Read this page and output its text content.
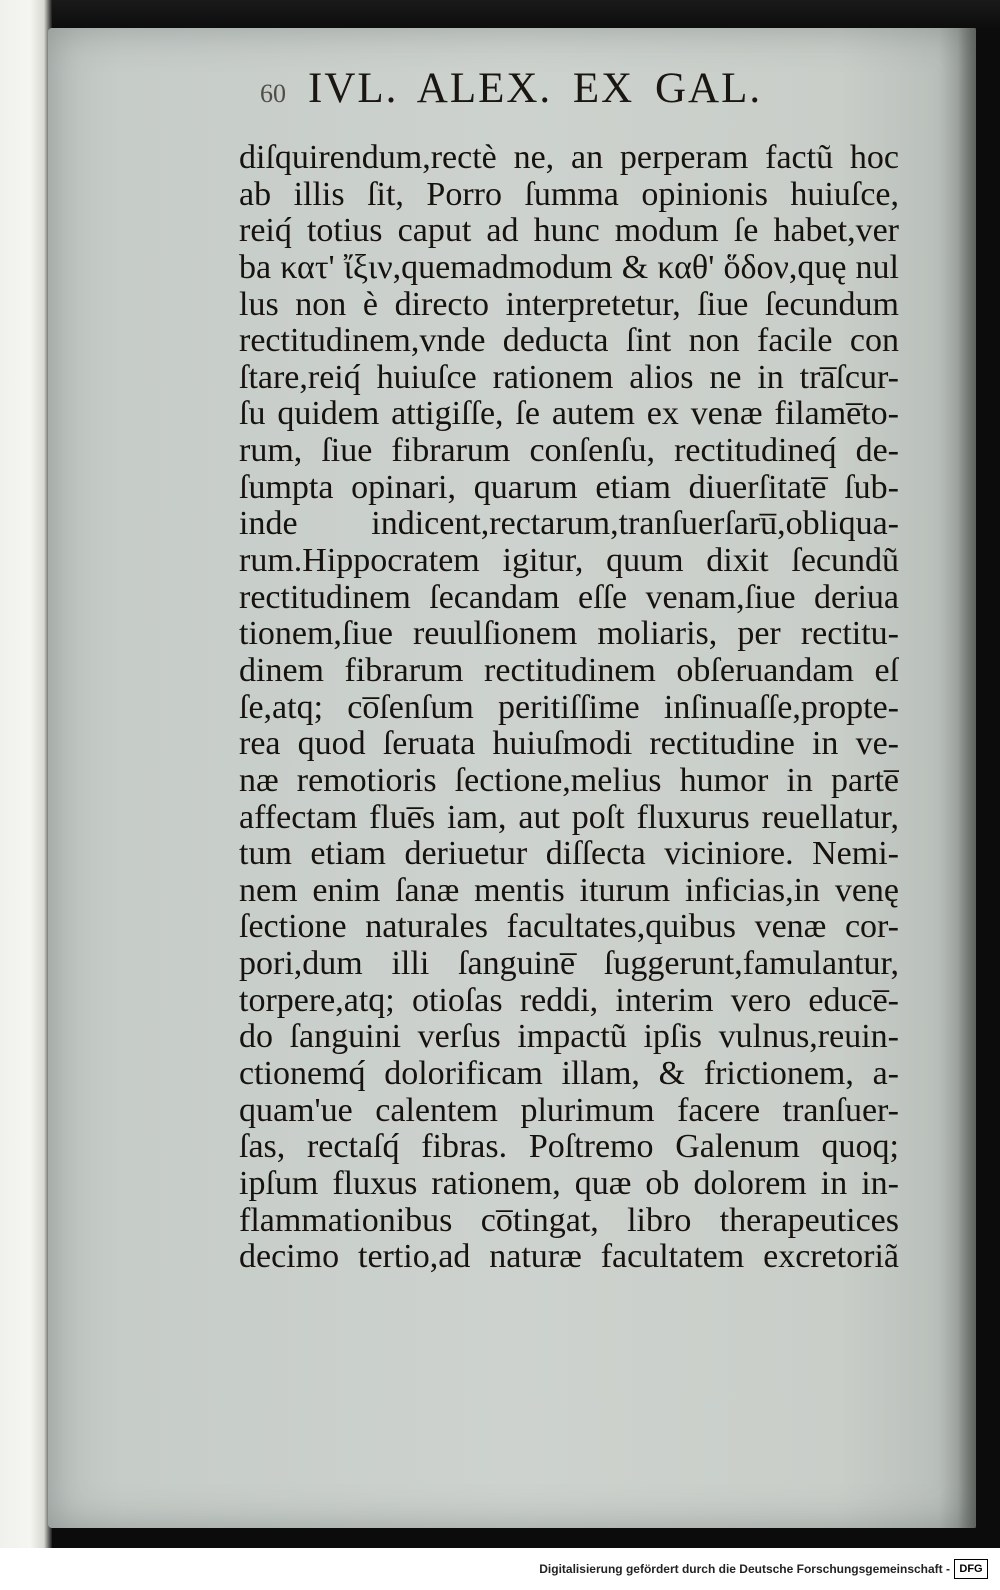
60 IVL. ALEX. EX GAL.
diſquirendum,rectè ne, an perperam factũ hoc
ab illis ſit, Porro ſumma opinionis huiuſce,
reiq́ totius caput ad hunc modum ſe habet,ver
ba κατ' ἴξιν,quemadmodum & καθ' ὅδον,quę nul
lus non è directo interpretetur, ſiue ſecundum
rectitudinem,vnde deducta ſint non facile con
ſtare,reiq́ huiuſce rationem alios ne in tra̅ſcur-
ſu quidem attigiſſe, ſe autem ex venæ filame̅to-
rum, ſiue fibrarum conſenſu, rectitudineq́ de-
ſumpta opinari, quarum etiam diuerſitate̅ ſub-
inde indicent,rectarum,tranſuerſaru̅,obliqua-
rum.Hippocratem igitur, quum dixit ſecundũ
rectitudinem ſecandam eſſe venam,ſiue deriua
tionem,ſiue reuulſionem moliaris, per rectitu-
dinem fibrarum rectitudinem obſeruandam eſ
ſe,atq; co̅ſenſum peritiſſime inſinuaſſe,propte-
rea quod ſeruata huiuſmodi rectitudine in ve-
næ remotioris ſectione,melius humor in parte̅
affectam flue̅s iam, aut poſt fluxurus reuellatur,
tum etiam deriuetur diſſecta viciniore. Nemi-
nem enim ſanæ mentis iturum inficias,in venę
ſectione naturales facultates,quibus venæ cor-
pori,dum illi ſanguine̅ ſuggerunt,famulantur,
torpere,atq; otioſas reddi, interim vero educe̅-
do ſanguini verſus impactũ ipſis vulnus,reuin-
ctionemq́ dolorificam illam, & frictionem, a-
quam'ue calentem plurimum facere tranſuer-
ſas, rectaſq́ fibras. Poſtremo Galenum quoq;
ipſum fluxus rationem, quæ ob dolorem in in-
flammationibus co̅tingat, libro therapeutices
decimo tertio,ad naturæ facultatem excretoriã
Digitalisierung gefördert durch die Deutsche Forschungsgemeinschaft - DFG
